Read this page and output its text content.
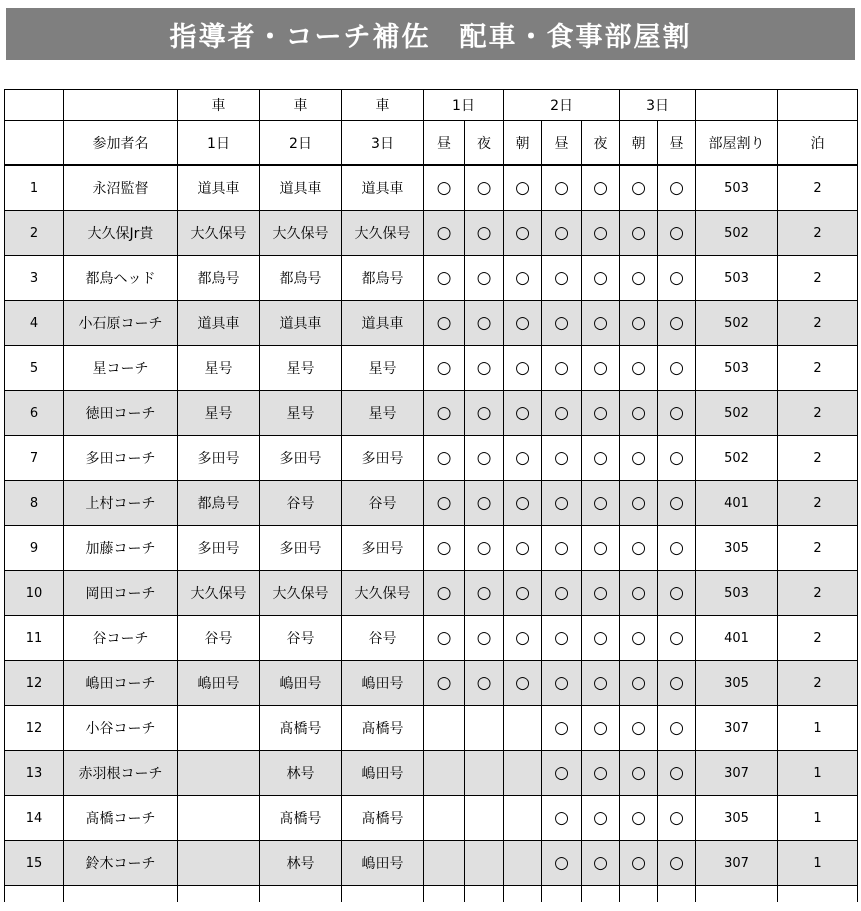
指導者・コーチ補佐　配車・食事部屋割
		車	車	車	1日		2日			3日			
	参加者名	1日	2日	3日	昼	夜	朝	昼	夜	朝	昼	部屋割り	泊
1	永沼監督	道具車	道具車	道具車	○	○	○	○	○	○	○	503	2
2	大久保Jr貴	大久保号	大久保号	大久保号	○	○	○	○	○	○	○	502	2
3	都鳥ヘッド	都鳥号	都鳥号	都鳥号	○	○	○	○	○	○	○	503	2
4	小石原コーチ	道具車	道具車	道具車	○	○	○	○	○	○	○	502	2
5	星コーチ	星号	星号	星号	○	○	○	○	○	○	○	503	2
6	徳田コーチ	星号	星号	星号	○	○	○	○	○	○	○	502	2
7	多田コーチ	多田号	多田号	多田号	○	○	○	○	○	○	○	502	2
8	上村コーチ	都鳥号	谷号	谷号	○	○	○	○	○	○	○	401	2
9	加藤コーチ	多田号	多田号	多田号	○	○	○	○	○	○	○	305	2
10	岡田コーチ	大久保号	大久保号	大久保号	○	○	○	○	○	○	○	503	2
11	谷コーチ	谷号	谷号	谷号	○	○	○	○	○	○	○	401	2
12	嶋田コーチ	嶋田号	嶋田号	嶋田号	○	○	○	○	○	○	○	305	2
12	小谷コーチ		髙橋号	髙橋号				○	○	○	○	307	1
13	赤羽根コーチ		林号	嶋田号				○	○	○	○	307	1
14	髙橋コーチ		髙橋号	髙橋号				○	○	○	○	305	1
15	鈴木コーチ		林号	嶋田号				○	○	○	○	307	1
